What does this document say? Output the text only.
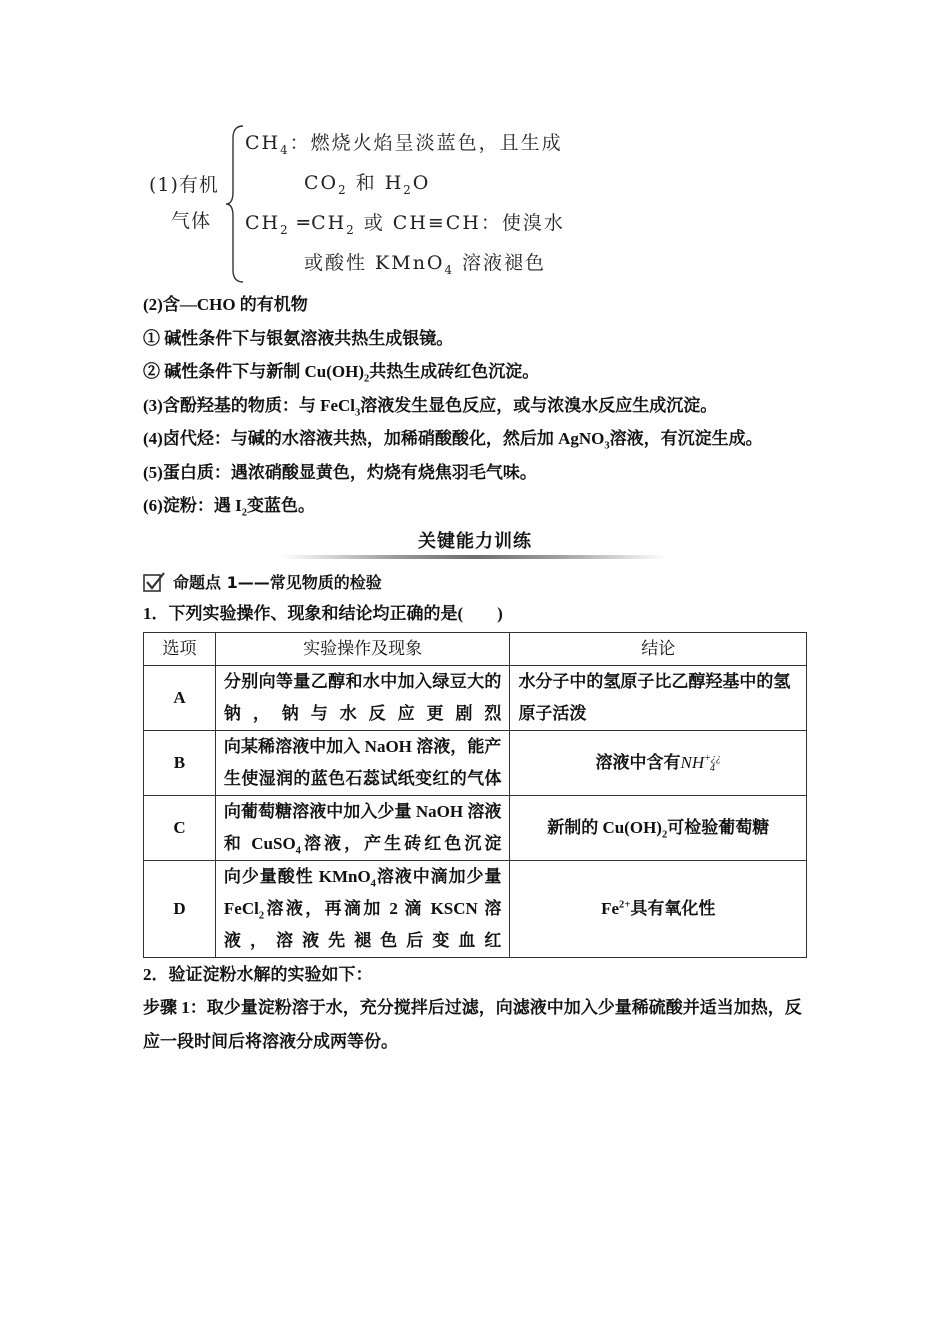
(1)有机
气体
$CH_4$：燃烧火焰呈淡蓝色，且生成
$CO_2$ 和 $H_2O$
$CH_2$ $═CH_2$ 或 CH≡CH：使溴水
或酸性 KMnO$_4$ 溶液褪色

(2)含—CHO 的有机物

① 碱性条件下与银氨溶液共热生成银镜。

② 碱性条件下与新制 $Cu(OH)_2$共热生成砖红色沉淀。

(3)含酚羟基的物质：与 FeCl$_3$溶液发生显色反应，或与浓溴水反应生成沉淀。

(4)卤代烃：与碱的水溶液共热，加稀硝酸酸化，然后加 AgNO$_3$溶液，有沉淀生成。

(5)蛋白质：遇浓硝酸显黄色，灼烧有烧焦羽毛气味。

(6)淀粉：遇 $I_2$变蓝色。

关键能力训练
命题点 1——常见物质的检验

1．下列实验操作、现象和结论均正确的是(　　)

选项	实验操作及现象	结论
A	分别向等量乙醇和水中加入绿豆大的钠，钠与水反应更剧烈	水分子中的氢原子比乙醇羟基中的氢原子活泼
B	向某稀溶液中加入 NaOH 溶液，能产生使湿润的蓝色石蕊试纸变红的气体	溶液中含有NH+¿¿
4
C	向葡萄糖溶液中加入少量 NaOH 溶液和 CuSO$_4$溶液，产生砖红色沉淀	新制的 $Cu(OH)_2$可检验葡萄糖
D	向少量酸性 KMnO$_4$溶液中滴加少量 FeCl$_2$溶液，再滴加 2 滴 KSCN 溶液，溶液先褪色后变血红	$Fe^{2+}$具有氧化性

2．验证淀粉水解的实验如下：

步骤 1：取少量淀粉溶于水，充分搅拌后过滤，向滤液中加入少量稀硫酸并适当加热，反应一段时间后将溶液分成两等份。
